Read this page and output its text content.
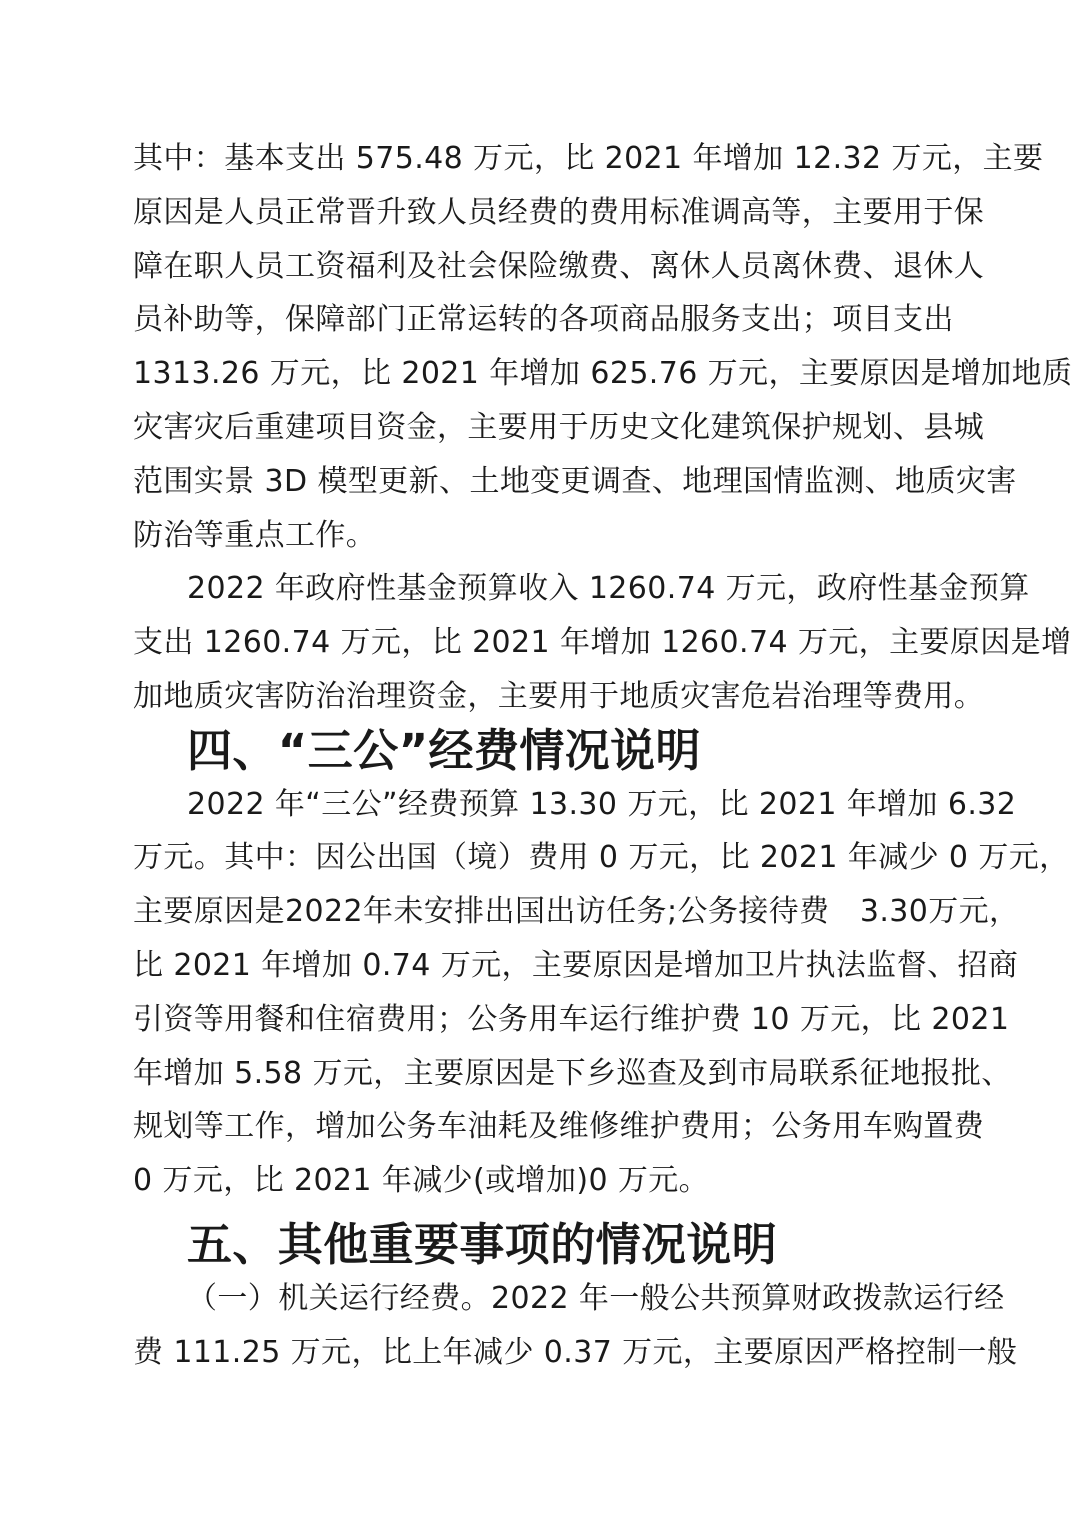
其中：基本支出 575.48 万元，比 2021 年增加 12.32 万元，主要
原因是人员正常晋升致人员经费的费用标准调高等，主要用于保
障在职人员工资福利及社会保险缴费、离休人员离休费、退休人
员补助等，保障部门正常运转的各项商品服务支出；项目支出
1313.26 万元，比 2021 年增加 625.76 万元，主要原因是增加地质
灾害灾后重建项目资金，主要用于历史文化建筑保护规划、县城
范围实景 3D 模型更新、土地变更调查、地理国情监测、地质灾害
防治等重点工作。

2022 年政府性基金预算收入 1260.74 万元，政府性基金预算
支出 1260.74 万元，比 2021 年增加 1260.74 万元，主要原因是增
加地质灾害防治治理资金，主要用于地质灾害危岩治理等费用。

四、“三公”经费情况说明

2022 年“三公”经费预算 13.30 万元，比 2021 年增加 6.32
万元。其中：因公出国（境）费用 0 万元，比 2021 年减少 0 万元，
主要原因是2022年未安排出国出访任务;公务接待费　3.30万元，
比 2021 年增加 0.74 万元，主要原因是增加卫片执法监督、招商
引资等用餐和住宿费用；公务用车运行维护费 10 万元，比 2021
年增加 5.58 万元，主要原因是下乡巡查及到市局联系征地报批、
规划等工作，增加公务车油耗及维修维护费用；公务用车购置费
0 万元，比 2021 年减少(或增加)0 万元。

五、其他重要事项的情况说明

（一）机关运行经费。2022 年一般公共预算财政拨款运行经
费 111.25 万元，比上年减少 0.37 万元，主要原因严格控制一般
